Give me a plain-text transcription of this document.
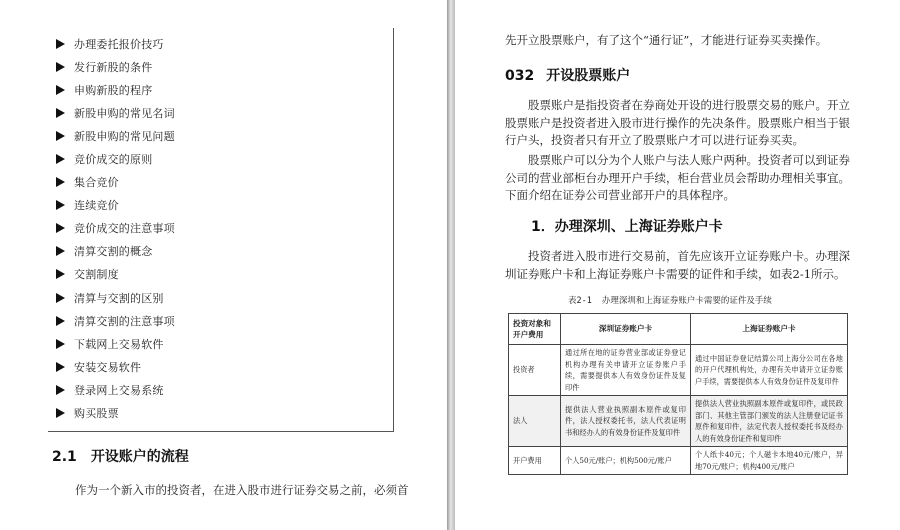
办理委托报价技巧
发行新股的条件
申购新股的程序
新股申购的常见名词
新股申购的常见问题
竞价成交的原则
集合竞价
连续竞价
竞价成交的注意事项
清算交割的概念
交割制度
清算与交割的区别
清算交割的注意事项
下载网上交易软件
安装交易软件
登录网上交易系统
购买股票
2.1 开设账户的流程
作为一个新入市的投资者，在进入股市进行证券交易之前，必须首
先开立股票账户，有了这个“通行证”，才能进行证券买卖操作。
032 开设股票账户
股票账户是指投资者在券商处开设的进行股票交易的账户。开立股票账户是投资者进入股市进行操作的先决条件。股票账户相当于银行户头，投资者只有开立了股票账户才可以进行证券买卖。
股票账户可以分为个人账户与法人账户两种。投资者可以到证券公司的营业部柜台办理开户手续，柜台营业员会帮助办理相关事宜。下面介绍在证券公司营业部开户的具体程序。
1．办理深圳、上海证券账户卡
投资者进入股市进行交易前，首先应该开立证券账户卡。办理深圳证券账户卡和上海证券账户卡需要的证件和手续，如表2-1所示。
表2-1 办理深圳和上海证券账户卡需要的证件及手续
投资对象和开户费用	深圳证券账户卡	上海证券账户卡
投资者	通过所在地的证券营业部或证券登记机构办理有关申请开立证券账户手续，需要提供本人有效身份证件及复印件	通过中国证券登记结算公司上海分公司在各地的开户代理机构处，办理有关申请开立证券账户手续，需要提供本人有效身份证件及复印件
法人	提供法人营业执照副本原件或复印件，法人授权委托书，法人代表证明书和经办人的有效身份证件及复印件	提供法人营业执照副本原件或复印件，或民政部门、其他主管部门颁发的法人注册登记证书原件和复印件，法定代表人授权委托书及经办人的有效身份证件和复印件
开户费用	个人50元/账户；机构500元/账户	个人纸卡40元；个人磁卡本地40元/账户，异地70元/账户；机构400元/账户
